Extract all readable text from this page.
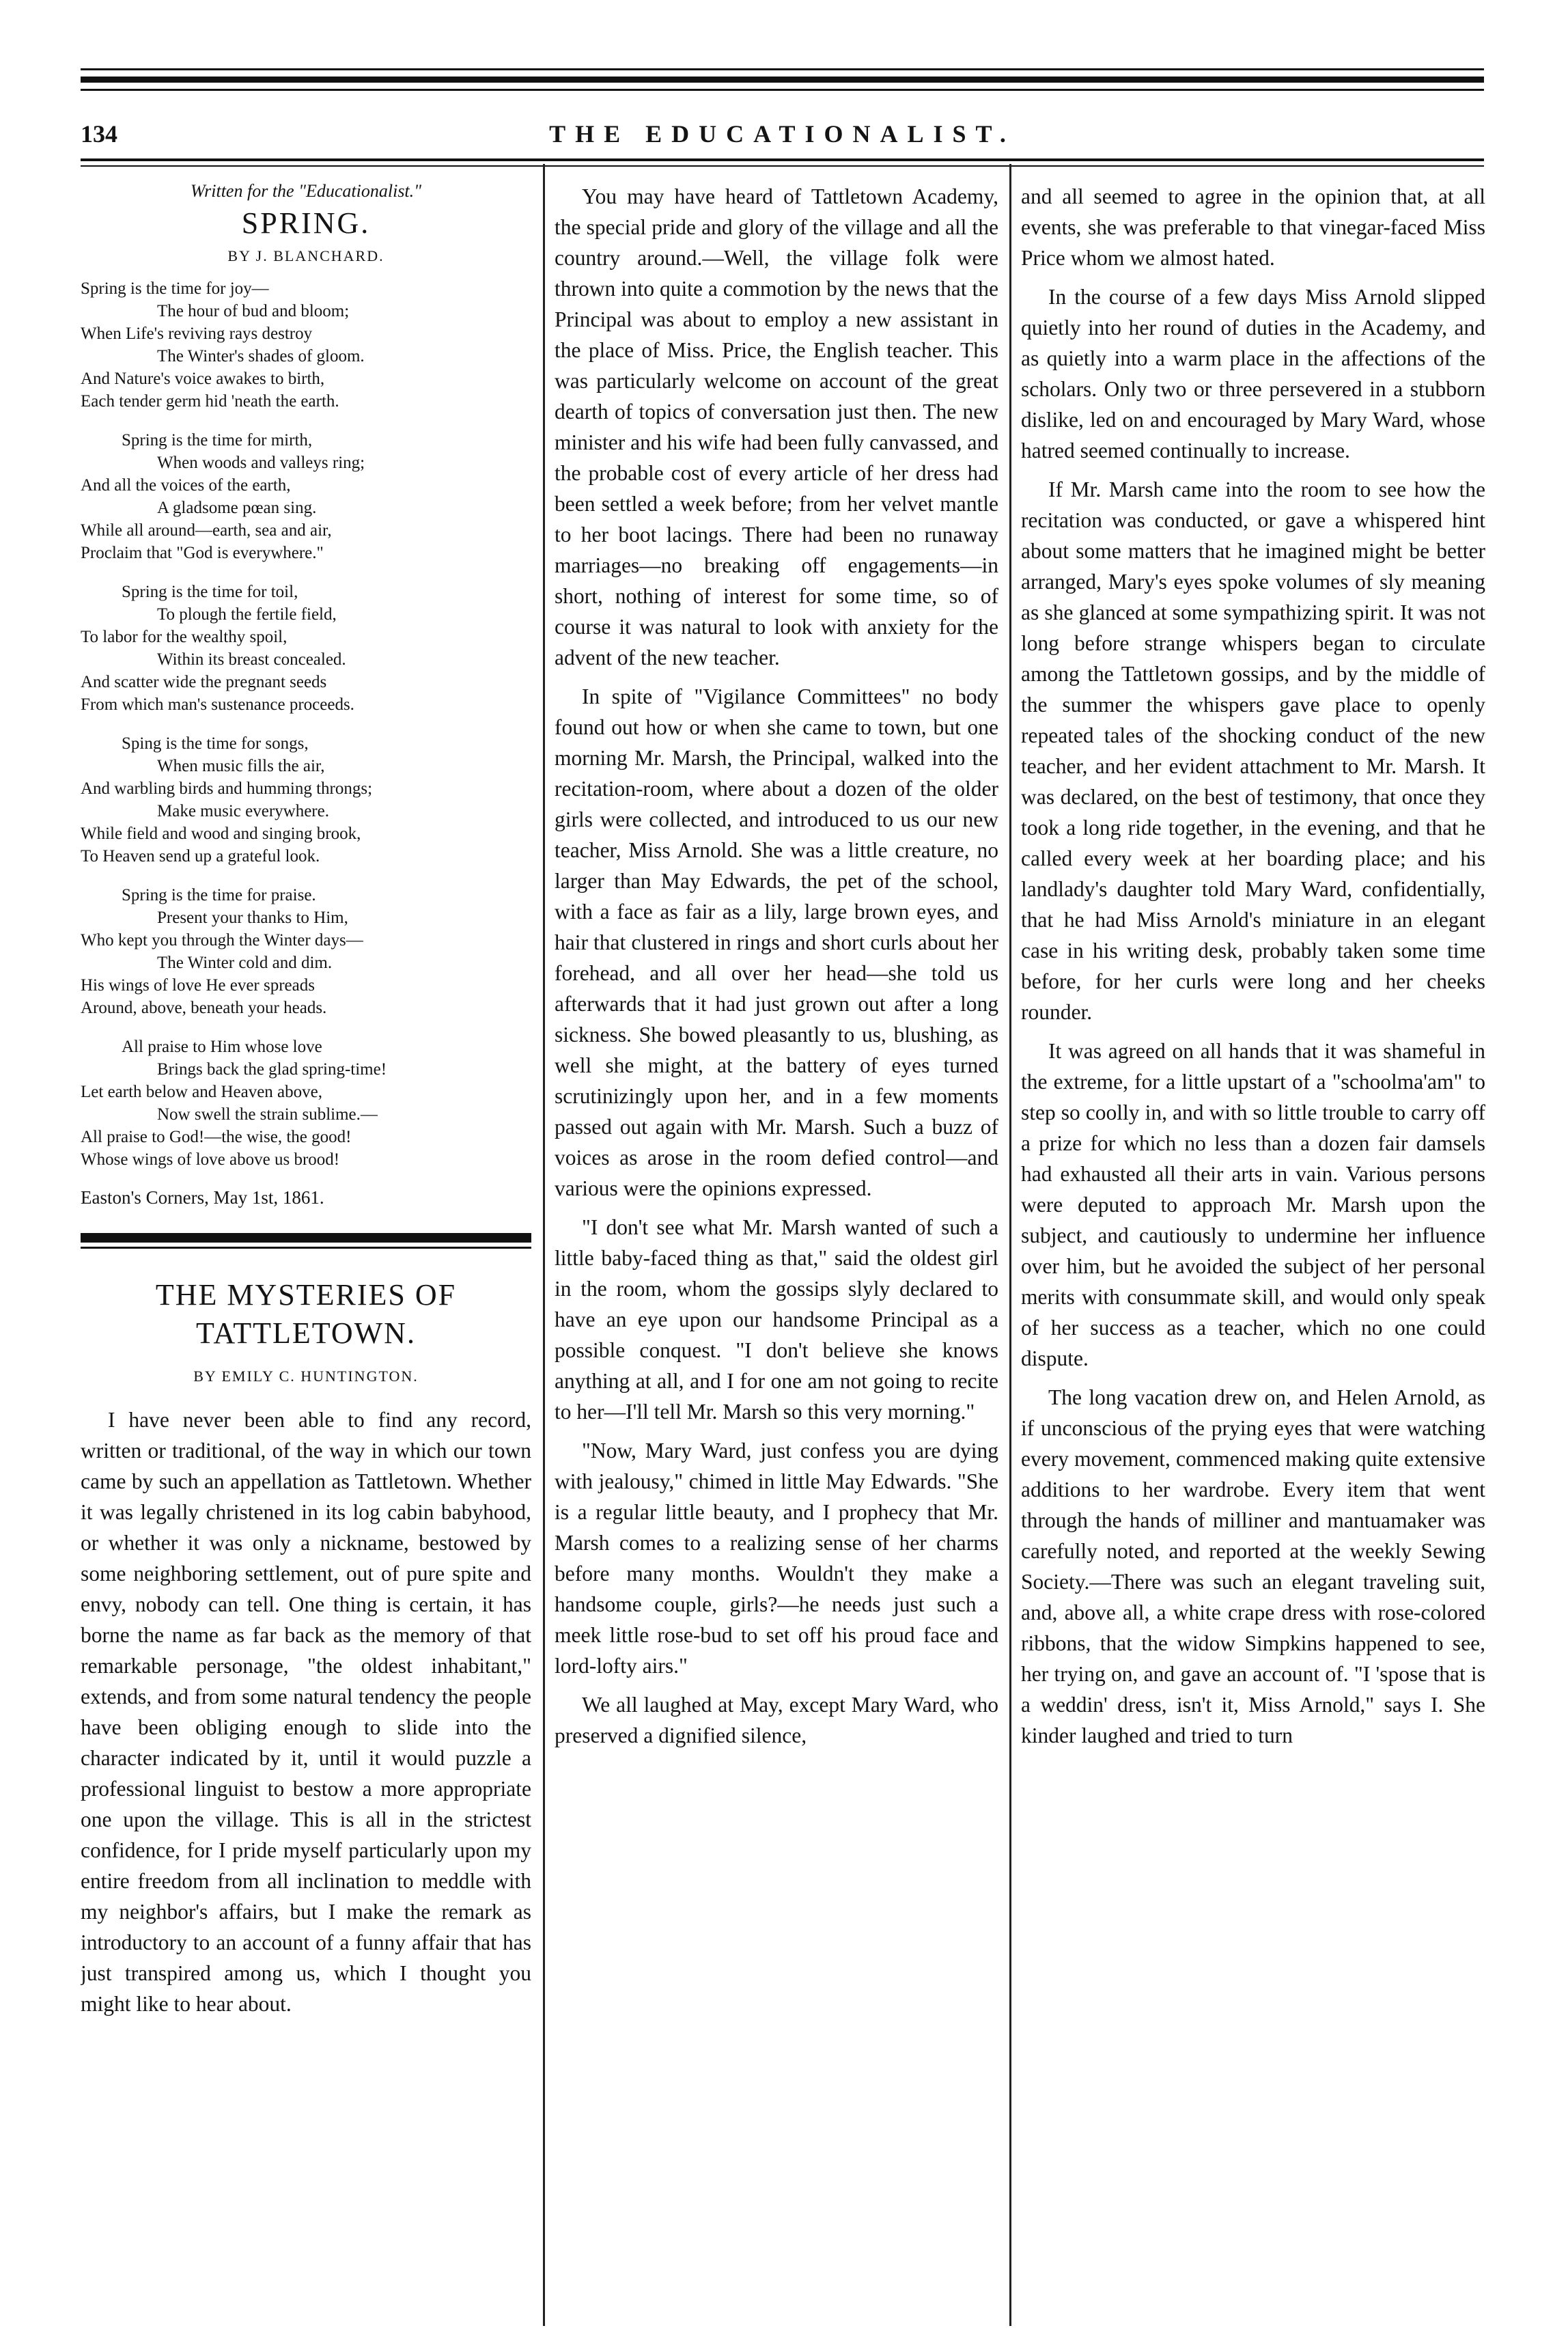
134	THE EDUCATIONALIST.
Written for the "Educationalist."
SPRING.
BY J. BLANCHARD.
Spring is the time for joy—
The hour of bud and bloom;
When Life's reviving rays destroy
The Winter's shades of gloom.
And Nature's voice awakes to birth,
Each tender germ hid 'neath the earth.
Spring is the time for mirth,
When woods and valleys ring;
And all the voices of the earth,
A gladsome pœan sing.
While all around—earth, sea and air,
Proclaim that "God is everywhere."
Spring is the time for toil,
To plough the fertile field,
To labor for the wealthy spoil,
Within its breast concealed.
And scatter wide the pregnant seeds
From which man's sustenance proceeds.
Sping is the time for songs,
When music fills the air,
And warbling birds and humming throngs;
Make music everywhere.
While field and wood and singing brook,
To Heaven send up a grateful look.
Spring is the time for praise.
Present your thanks to Him,
Who kept you through the Winter days—
The Winter cold and dim.
His wings of love He ever spreads
Around, above, beneath your heads.
All praise to Him whose love
Brings back the glad spring-time!
Let earth below and Heaven above,
Now swell the strain sublime.—
All praise to God!—the wise, the good!
Whose wings of love above us brood!
Easton's Corners, May 1st, 1861.
THE MYSTERIES OF
TATTLETOWN.
BY EMILY C. HUNTINGTON.

I have never been able to find any record, written or traditional, of the way in which our town came by such an appellation as Tattletown. Whether it was legally christened in its log cabin babyhood, or whether it was only a nickname, bestowed by some neighboring settlement, out of pure spite and envy, nobody can tell. One thing is certain, it has borne the name as far back as the memory of that remarkable personage, "the oldest inhabitant," extends, and from some natural tendency the people have been obliging enough to slide into the character indicated by it, until it would puzzle a professional linguist to bestow a more appropriate one upon the village. This is all in the strictest confidence, for I pride myself particularly upon my entire freedom from all inclination to meddle with my neighbor's affairs, but I make the remark as introductory to an account of a funny affair that has just transpired among us, which I thought you might like to hear about.

You may have heard of Tattletown Academy, the special pride and glory of the village and all the country around.—Well, the village folk were thrown into quite a commotion by the news that the Principal was about to employ a new assistant in the place of Miss. Price, the English teacher. This was particularly welcome on account of the great dearth of topics of conversation just then. The new minister and his wife had been fully canvassed, and the probable cost of every article of her dress had been settled a week before; from her velvet mantle to her boot lacings. There had been no runaway marriages—no breaking off engagements—in short, nothing of interest for some time, so of course it was natural to look with anxiety for the advent of the new teacher.

In spite of "Vigilance Committees" no body found out how or when she came to town, but one morning Mr. Marsh, the Principal, walked into the recitation-room, where about a dozen of the older girls were collected, and introduced to us our new teacher, Miss Arnold. She was a little creature, no larger than May Edwards, the pet of the school, with a face as fair as a lily, large brown eyes, and hair that clustered in rings and short curls about her forehead, and all over her head—she told us afterwards that it had just grown out after a long sickness. She bowed pleasantly to us, blushing, as well she might, at the battery of eyes turned scrutinizingly upon her, and in a few moments passed out again with Mr. Marsh. Such a buzz of voices as arose in the room defied control—and various were the opinions expressed.

"I don't see what Mr. Marsh wanted of such a little baby-faced thing as that," said the oldest girl in the room, whom the gossips slyly declared to have an eye upon our handsome Principal as a possible conquest. "I don't believe she knows anything at all, and I for one am not going to recite to her—I'll tell Mr. Marsh so this very morning."

"Now, Mary Ward, just confess you are dying with jealousy," chimed in little May Edwards. "She is a regular little beauty, and I prophecy that Mr. Marsh comes to a realizing sense of her charms before many months. Wouldn't they make a handsome couple, girls?—he needs just such a meek little rose-bud to set off his proud face and lord-lofty airs."

We all laughed at May, except Mary Ward, who preserved a dignified silence,

and all seemed to agree in the opinion that, at all events, she was preferable to that vinegar-faced Miss Price whom we almost hated.

In the course of a few days Miss Arnold slipped quietly into her round of duties in the Academy, and as quietly into a warm place in the affections of the scholars. Only two or three persevered in a stubborn dislike, led on and encouraged by Mary Ward, whose hatred seemed continually to increase.

If Mr. Marsh came into the room to see how the recitation was conducted, or gave a whispered hint about some matters that he imagined might be better arranged, Mary's eyes spoke volumes of sly meaning as she glanced at some sympathizing spirit. It was not long before strange whispers began to circulate among the Tattletown gossips, and by the middle of the summer the whispers gave place to openly repeated tales of the shocking conduct of the new teacher, and her evident attachment to Mr. Marsh. It was declared, on the best of testimony, that once they took a long ride together, in the evening, and that he called every week at her boarding place; and his landlady's daughter told Mary Ward, confidentially, that he had Miss Arnold's miniature in an elegant case in his writing desk, probably taken some time before, for her curls were long and her cheeks rounder.

It was agreed on all hands that it was shameful in the extreme, for a little upstart of a "schoolma'am" to step so coolly in, and with so little trouble to carry off a prize for which no less than a dozen fair damsels had exhausted all their arts in vain. Various persons were deputed to approach Mr. Marsh upon the subject, and cautiously to undermine her influence over him, but he avoided the subject of her personal merits with consummate skill, and would only speak of her success as a teacher, which no one could dispute.

The long vacation drew on, and Helen Arnold, as if unconscious of the prying eyes that were watching every movement, commenced making quite extensive additions to her wardrobe. Every item that went through the hands of milliner and mantuamaker was carefully noted, and reported at the weekly Sewing Society.—There was such an elegant traveling suit, and, above all, a white crape dress with rose-colored ribbons, that the widow Simpkins happened to see, her trying on, and gave an account of. "I 'spose that is a weddin' dress, isn't it, Miss Arnold," says I. She kinder laughed and tried to turn
